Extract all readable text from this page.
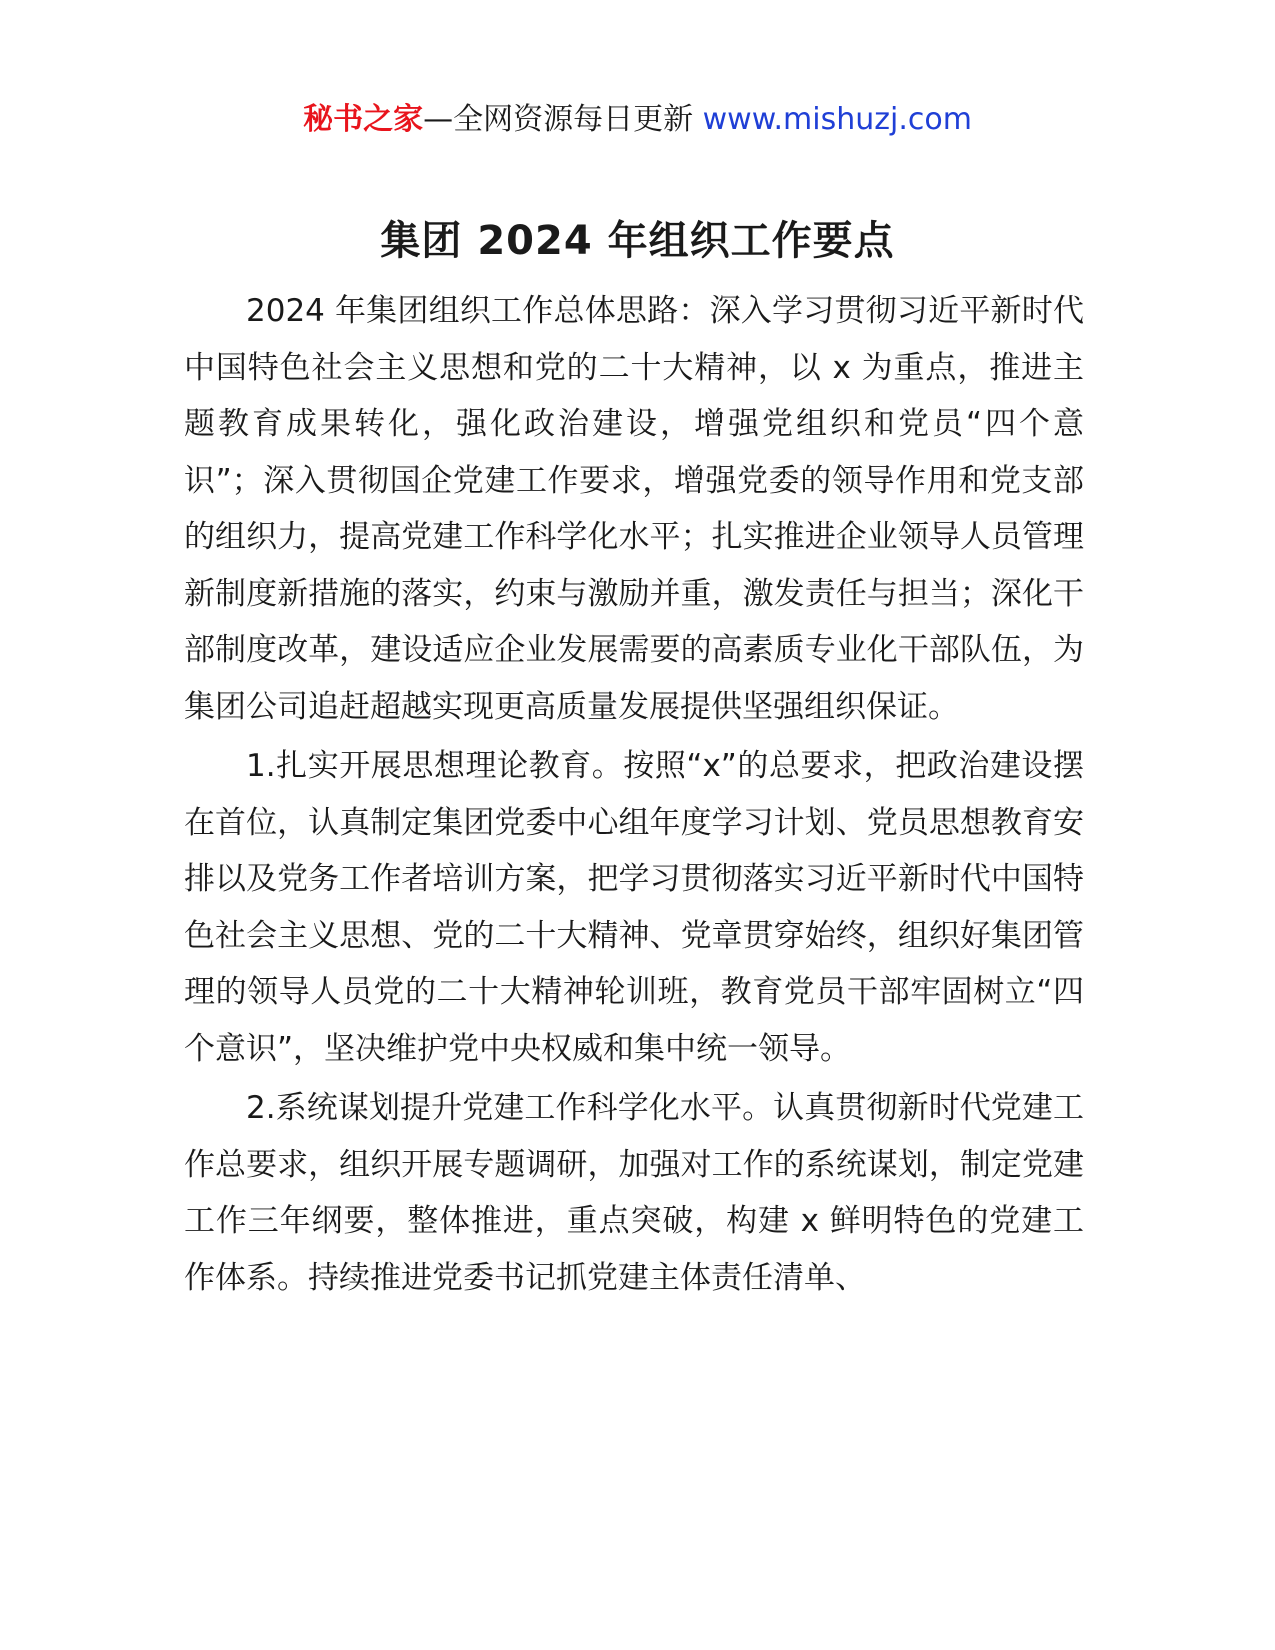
秘书之家—全网资源每日更新 www.mishuzj.com
集团 2024 年组织工作要点

2024 年集团组织工作总体思路：深入学习贯彻习近平新时代中国特色社会主义思想和党的二十大精神，以 x 为重点，推进主题教育成果转化，强化政治建设，增强党组织和党员“四个意识”；深入贯彻国企党建工作要求，增强党委的领导作用和党支部的组织力，提高党建工作科学化水平；扎实推进企业领导人员管理新制度新措施的落实，约束与激励并重，激发责任与担当；深化干部制度改革，建设适应企业发展需要的高素质专业化干部队伍，为集团公司追赶超越实现更高质量发展提供坚强组织保证。

1.扎实开展思想理论教育。按照“x”的总要求，把政治建设摆在首位，认真制定集团党委中心组年度学习计划、党员思想教育安排以及党务工作者培训方案，把学习贯彻落实习近平新时代中国特色社会主义思想、党的二十大精神、党章贯穿始终，组织好集团管理的领导人员党的二十大精神轮训班，教育党员干部牢固树立“四个意识”，坚决维护党中央权威和集中统一领导。

2.系统谋划提升党建工作科学化水平。认真贯彻新时代党建工作总要求，组织开展专题调研，加强对工作的系统谋划，制定党建工作三年纲要，整体推进，重点突破，构建 x 鲜明特色的党建工作体系。持续推进党委书记抓党建主体责任清单、
